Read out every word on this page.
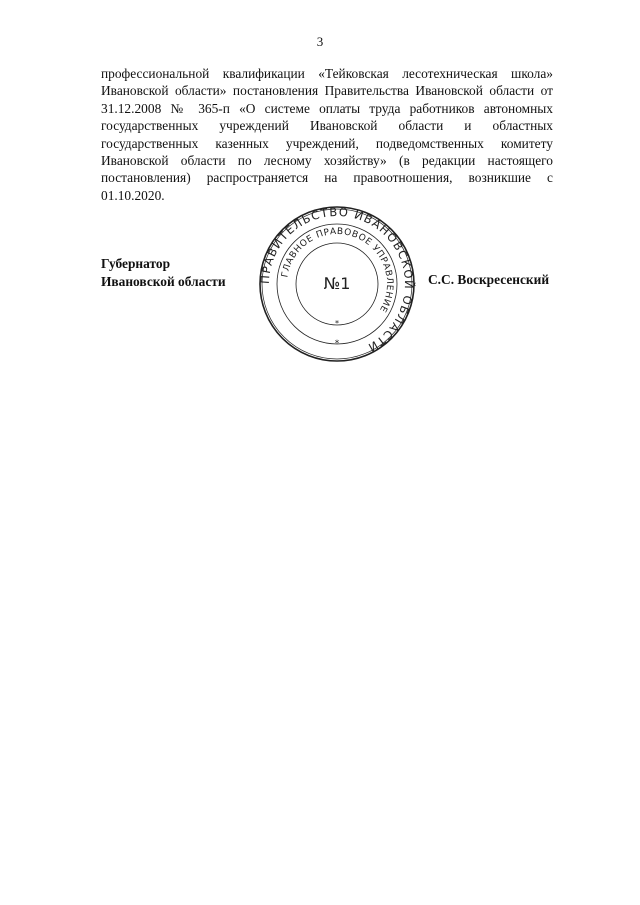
3

профессиональной квалификации «Тейковская лесотехническая школа» Ивановской области» постановления Правительства Ивановской области от 31.12.2008 № 365-п «О системе оплаты труда работников автономных государственных учреждений Ивановской области и областных государственных казенных учреждений, подведомственных комитету Ивановской области по лесному хозяйству» (в редакции настоящего постановления) распространяется на правоотношения, возникшие с 01.10.2020.

Губернатор
Ивановской области	С.С. Воскресенский
ПРАВИТЕЛЬСТВО ИВАНОВСКОЙ ОБЛАСТИ
ГЛАВНОЕ ПРАВОВОЕ УПРАВЛЕНИЕ
№1
*
*
